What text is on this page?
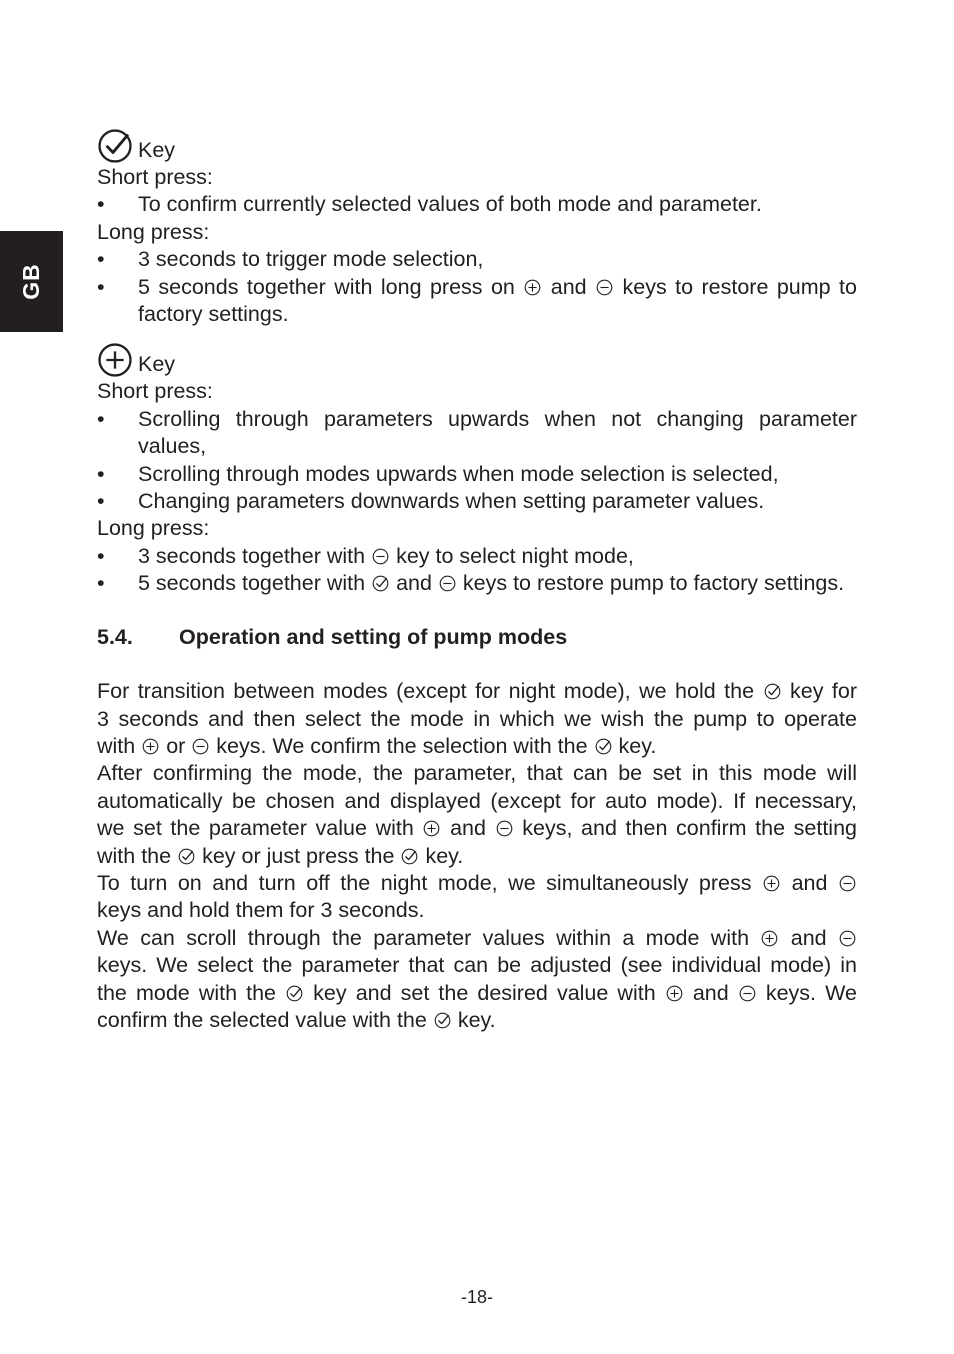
GB
Key
Short press:
•	To confirm currently selected values of both mode and parameter.
Long press:
•	3 seconds to trigger mode selection,
•	5 seconds together with long press on and keys to restore pump to factory settings.
Key
Short press:
•	Scrolling through parameters upwards when not changing parameter values,
•	Scrolling through modes upwards when mode selection is selected,
•	Changing parameters downwards when setting parameter values.
Long press:
•	3 seconds together with key to select night mode,
•	5 seconds together with and keys to restore pump to factory settings.
5.4.	Operation and setting of pump modes
For transition between modes (except for night mode), we hold the key for
3 seconds and then select the mode in which we wish the pump to operate
with or keys. We confirm the selection with the key.
After confirming the mode, the parameter, that can be set in this mode will
automatically be chosen and displayed (except for auto mode). If necessary,
we set the parameter value with and keys, and then confirm the setting
with the key or just press the key.
To turn on and turn off the night mode, we simultaneously press and
keys and hold them for 3 seconds.
We can scroll through the parameter values within a mode with and
keys. We select the parameter that can be adjusted (see individual mode) in
the mode with the key and set the desired value with and keys. We
confirm the selected value with the key.
-18-
